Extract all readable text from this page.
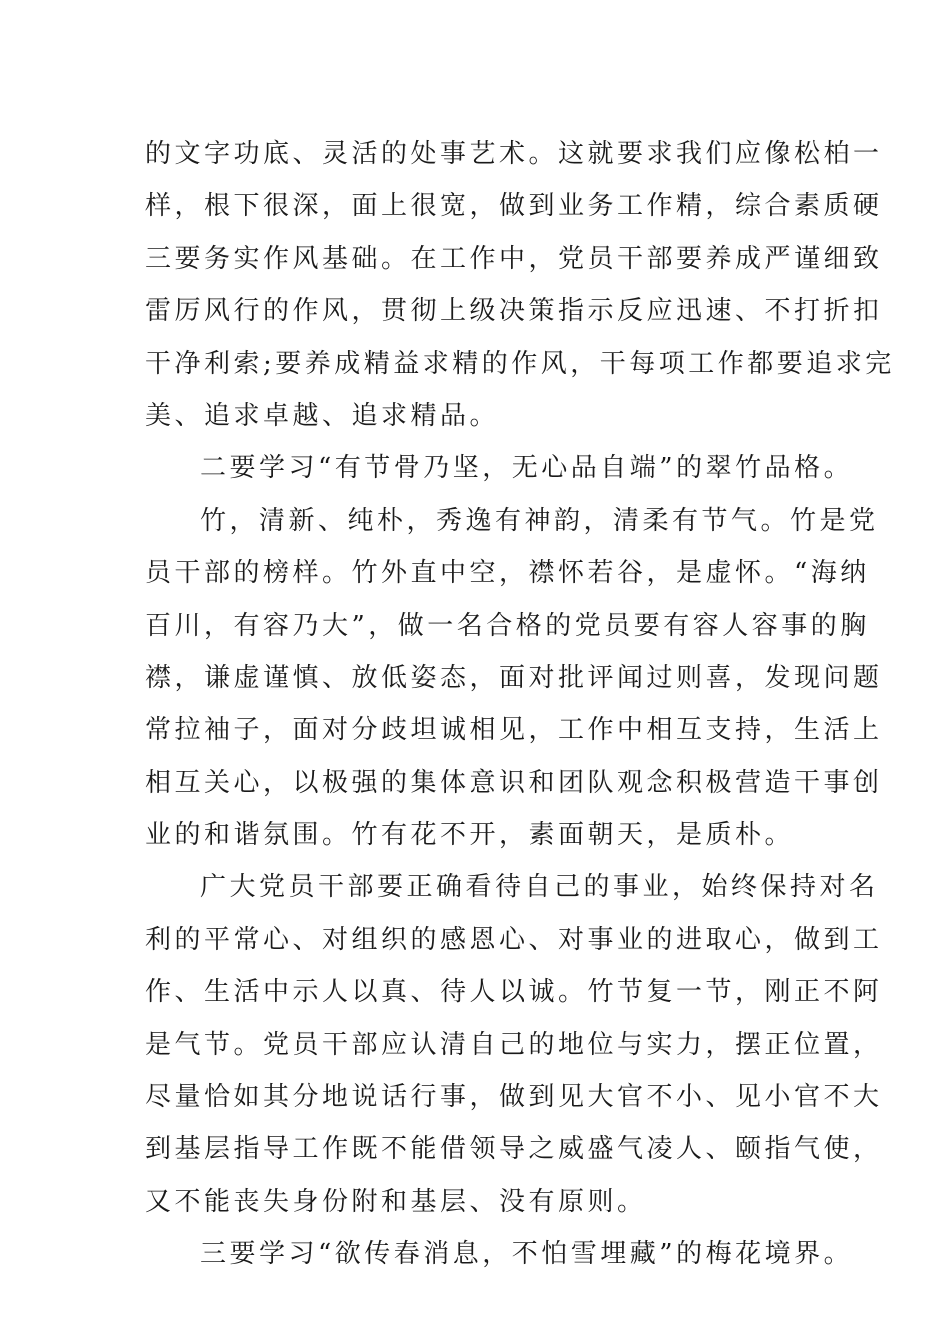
的文字功底、灵活的处事艺术。这就要求我们应像松柏一
样，根下很深，面上很宽，做到业务工作精，综合素质硬
三要务实作风基础。在工作中，党员干部要养成严谨细致
雷厉风行的作风，贯彻上级决策指示反应迅速、不打折扣
干净利索;要养成精益求精的作风，干每项工作都要追求完
美、追求卓越、追求精品。
二要学习“有节骨乃坚，无心品自端”的翠竹品格。
竹，清新、纯朴，秀逸有神韵，清柔有节气。竹是党
员干部的榜样。竹外直中空，襟怀若谷，是虚怀。“海纳
百川，有容乃大”，做一名合格的党员要有容人容事的胸
襟，谦虚谨慎、放低姿态，面对批评闻过则喜，发现问题
常拉袖子，面对分歧坦诚相见，工作中相互支持，生活上
相互关心，以极强的集体意识和团队观念积极营造干事创
业的和谐氛围。竹有花不开，素面朝天，是质朴。
广大党员干部要正确看待自己的事业，始终保持对名
利的平常心、对组织的感恩心、对事业的进取心，做到工
作、生活中示人以真、待人以诚。竹节复一节，刚正不阿
是气节。党员干部应认清自己的地位与实力，摆正位置，
尽量恰如其分地说话行事，做到见大官不小、见小官不大
到基层指导工作既不能借领导之威盛气凌人、颐指气使，
又不能丧失身份附和基层、没有原则。
三要学习“欲传春消息，不怕雪埋藏”的梅花境界。
